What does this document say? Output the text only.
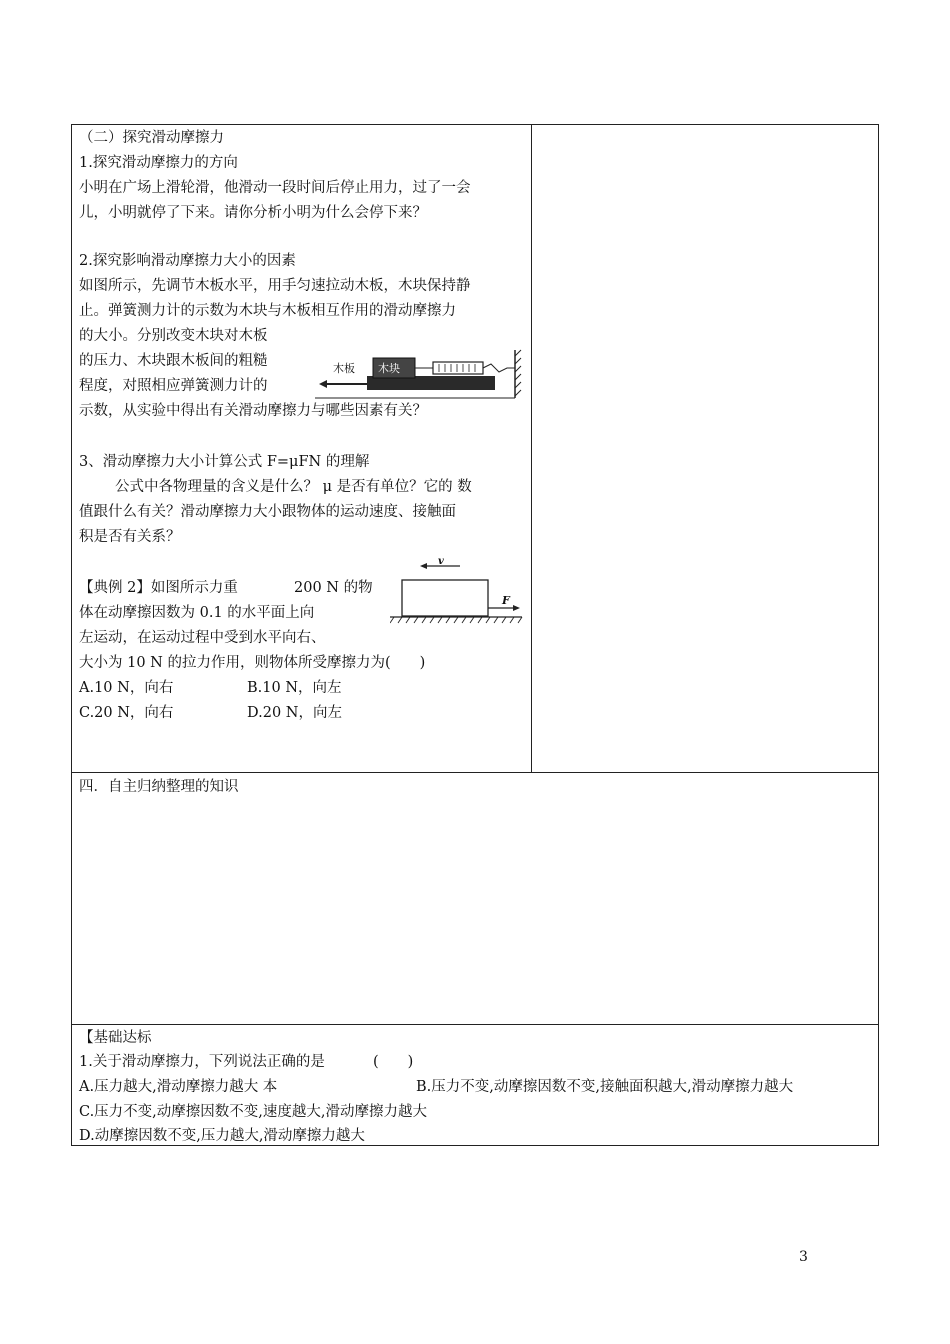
（二）探究滑动摩擦力
1.探究滑动摩擦力的方向
小明在广场上滑轮滑，他滑动一段时间后停止用力，过了一会
儿，小明就停了下来。请你分析小明为什么会停下来？
2.探究影响滑动摩擦力大小的因素
如图所示，先调节木板水平，用手匀速拉动木板，木块保持静
止。弹簧测力计的示数为木块与木板相互作用的滑动摩擦力
的大小。分别改变木块对木板
的压力、木块跟木板间的粗糙
程度，对照相应弹簧测力计的
示数，从实验中得出有关滑动摩擦力与哪些因素有关？
木块
木板
3、滑动摩擦力大小计算公式 F=μFN 的理解
公式中各物理量的含义是什么？ μ 是否有单位？它的 数
值跟什么有关？滑动摩擦力大小跟物体的运动速度、接触面
积是否有关系？
【典例 2】如图所示力重	200 N 的物
体在动摩擦因数为 0.1 的水平面上向
左运动，在运动过程中受到水平向右、
大小为 10 N 的拉力作用，则物体所受摩擦力为(　　)
v
F
A.10 N，向右	B.10 N，向左
C.20 N，向右	D.20 N，向左
四．自主归纳整理的知识
【基础达标
1.关于滑动摩擦力，下列说法正确的是　　　 (　　)
A.压力越大,滑动摩擦力越大 本	B.压力不变,动摩擦因数不变,接触面积越大,滑动摩擦力越大
C.压力不变,动摩擦因数不变,速度越大,滑动摩擦力越大
D.动摩擦因数不变,压力越大,滑动摩擦力越大
3
